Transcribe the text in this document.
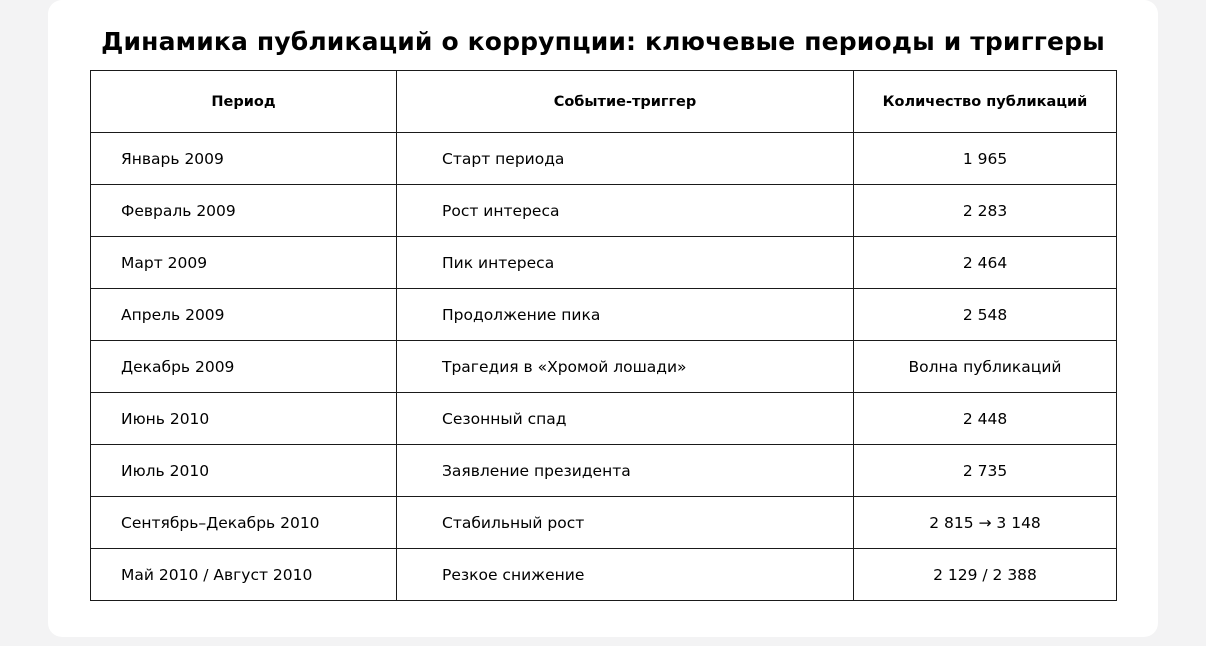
Динамика публикаций о коррупции: ключевые периоды и триггеры
Период	Событие-триггер	Количество публикаций
Январь 2009	Старт периода	1 965
Февраль 2009	Рост интереса	2 283
Март 2009	Пик интереса	2 464
Апрель 2009	Продолжение пика	2 548
Декабрь 2009	Трагедия в «Хромой лошади»	Волна публикаций
Июнь 2010	Сезонный спад	2 448
Июль 2010	Заявление президента	2 735
Сентябрь–Декабрь 2010	Стабильный рост	2 815 → 3 148
Май 2010 / Август 2010	Резкое снижение	2 129 / 2 388
